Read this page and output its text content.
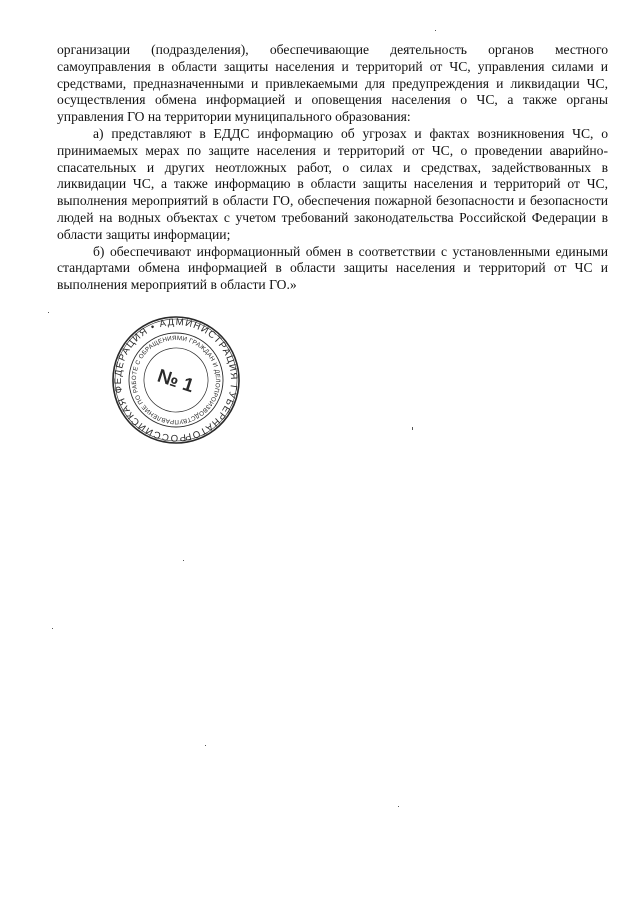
организации (подразделения), обеспечивающие деятельность органов местного самоуправления в области защиты населения и территорий от ЧС, управления силами и средствами, предназначенными и привлекаемыми для предупреждения и ликвидации ЧС, осуществления обмена информацией и оповещения населения о ЧС, а также органы управления ГО на территории муниципального образования:

а) представляют в ЕДДС информацию об угрозах и фактах возникновения ЧС, о принимаемых мерах по защите населения и территорий от ЧС, о проведении аварийно-спасательных и других неотложных работ, о силах и средствах, задействованных в ликвидации ЧС, а также информацию в области защиты населения и территорий от ЧС, выполнения мероприятий в области ГО, обеспечения пожарной безопасности и безопасности людей на водных объектах с учетом требований законодательства Российской Федерации в области защиты информации;

б) обеспечивают информационный обмен в соответствии с установленными едиными стандартами обмена информацией в области защиты населения и территорий от ЧС и выполнения мероприятий в области ГО.»

РОССИЙСКАЯ ФЕДЕРАЦИЯ • АДМИНИСТРАЦИЯ ГУБЕРНАТОРА
УПРАВЛЕНИЕ ПО РАБОТЕ С ОБРАЩЕНИЯМИ ГРАЖДАН И ДЕЛОПРОИЗВОДСТВУ
№ 1
